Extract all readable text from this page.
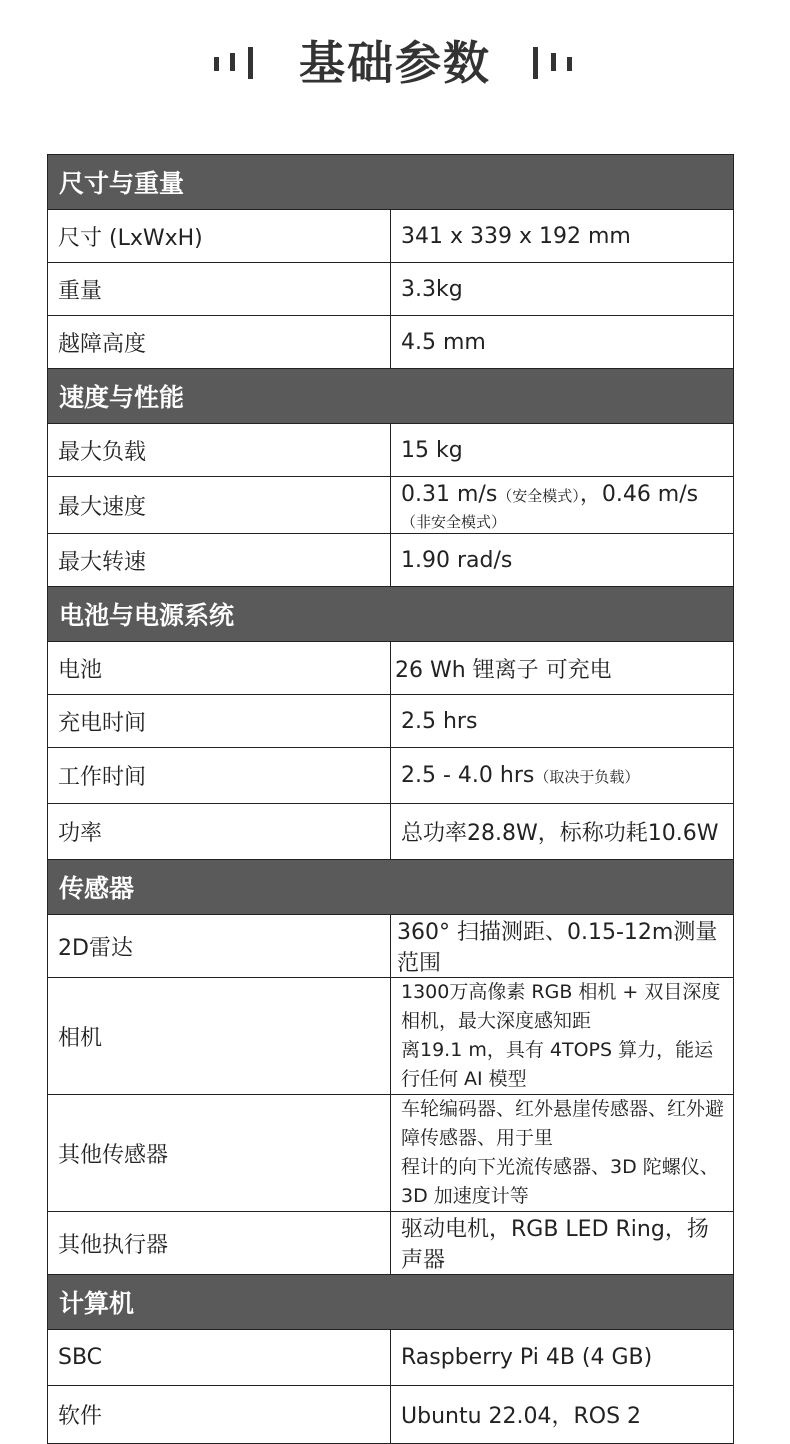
基础参数
尺寸与重量	
尺寸 (LxWxH)	341 x 339 x 192 mm
重量	3.3kg
越障高度	4.5 mm
速度与性能	
最大负载	15 kg
最大速度	0.31 m/s（安全模式），0.46 m/s（非安全模式）
最大转速	1.90 rad/s
电池与电源系统	
电池	26 Wh 锂离子 可充电
充电时间	2.5 hrs
工作时间	2.5 - 4.0 hrs（取决于负载）
功率	总功率28.8W，标称功耗10.6W
传感器	
2D雷达	360° 扫描测距、0.15-12m测量范围
相机	1300万高像素 RGB 相机 + 双目深度相机，最大深度感知距
离19.1 m，具有 4TOPS 算力，能运行任何 AI 模型

其他传感器	车轮编码器、红外悬崖传感器、红外避障传感器、用于里
程计的向下光流传感器、3D 陀螺仪、3D 加速度计等

其他执行器	驱动电机，RGB LED Ring，扬声器
计算机	
SBC	Raspberry Pi 4B (4 GB)
软件	Ubuntu 22.04，ROS 2
